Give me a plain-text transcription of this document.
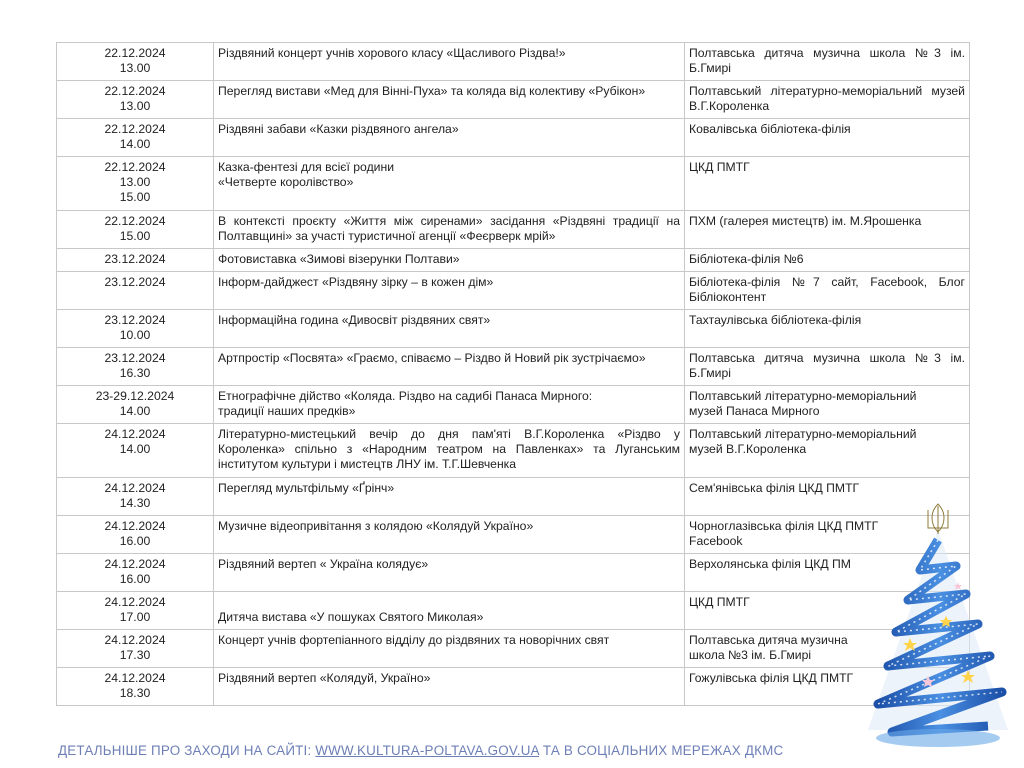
22.12.2024
13.00	Різдвяний концерт учнів хорового класу «Щасливого Різдва!»	Полтавська дитяча музична школа №3 ім. Б.Гмирі

22.12.2024
13.00	Перегляд вистави «Мед для Вінні-Пуха» та коляда від колективу «Рубікон»	Полтавський літературно-меморіальний музей В.Г.Короленка

22.12.2024
14.00	Різдвяні забави «Казки різдвяного ангела»	Ковалівська бібліотека-філія

22.12.2024
13.00
15.00	Казка-фентезі для всієї родини
«Четверте королівство»	ЦКД ПМТГ

22.12.2024
15.00	В контексті проєкту «Життя між сиренами» засідання «Різдвяні традиції на Полтавщині» за участі туристичної агенції «Феєрверк мрій»	ПХМ (галерея мистецтв) ім. М.Ярошенка

23.12.2024	Фотовиставка «Зимові візерунки Полтави»	Бібліотека-філія №6

23.12.2024	Інформ-дайджест «Різдвяну зірку – в кожен дім»	Бібліотека-філія №7 сайт, Facebook, Блог Бібліоконтент

23.12.2024
10.00	Інформаційна година «Дивосвіт різдвяних свят»	Тахтаулівська бібліотека-філія

23.12.2024
16.30	Артпростір «Посвята» «Граємо, співаємо – Різдво й Новий рік зустрічаємо»	Полтавська дитяча музична школа №3 ім. Б.Гмирі

23-29.12.2024
14.00	Етнографічне дійство «Коляда. Різдво на садибі Панаса Мирного:
традиції наших предків»	Полтавський літературно-меморіальний
музей Панаса Мирного

24.12.2024
14.00	Літературно-мистецький вечір до дня пам'яті В.Г.Короленка «Різдво у Короленка» спільно з «Народним театром на Павленках» та Луганським інститутом культури і мистецтв ЛНУ ім. Т.Г.Шевченка	Полтавський літературно-меморіальний
музей В.Г.Короленка

24.12.2024
14.30	Перегляд мультфільму «Ґрінч»	Сем'янівська філія ЦКД ПМТГ

24.12.2024
16.00	Музичне відеопривітання з колядою «Колядуй Україно»	Чорноглазівська філія ЦКД ПМТГ
Facebook

24.12.2024
16.00	Різдвяний вертеп « Україна колядує»	Верхолянська філія ЦКД ПМ

24.12.2024
17.00	Дитяча вистава «У пошуках Святого Миколая»	ЦКД ПМТГ

24.12.2024
17.30	Концерт учнів фортепіанного відділу до різдвяних та новорічних свят	Полтавська дитяча музична
школа №3 ім. Б.Гмирі

24.12.2024
18.30	Різдвяний вертеп «Колядуй, Україно»	Гожулівська філія ЦКД ПМТГ
ДЕТАЛЬНІШЕ ПРО ЗАХОДИ НА САЙТІ: WWW.KULTURA-POLTAVA.GOV.UA ТА В СОЦІАЛЬНИХ МЕРЕЖАХ ДКМС
